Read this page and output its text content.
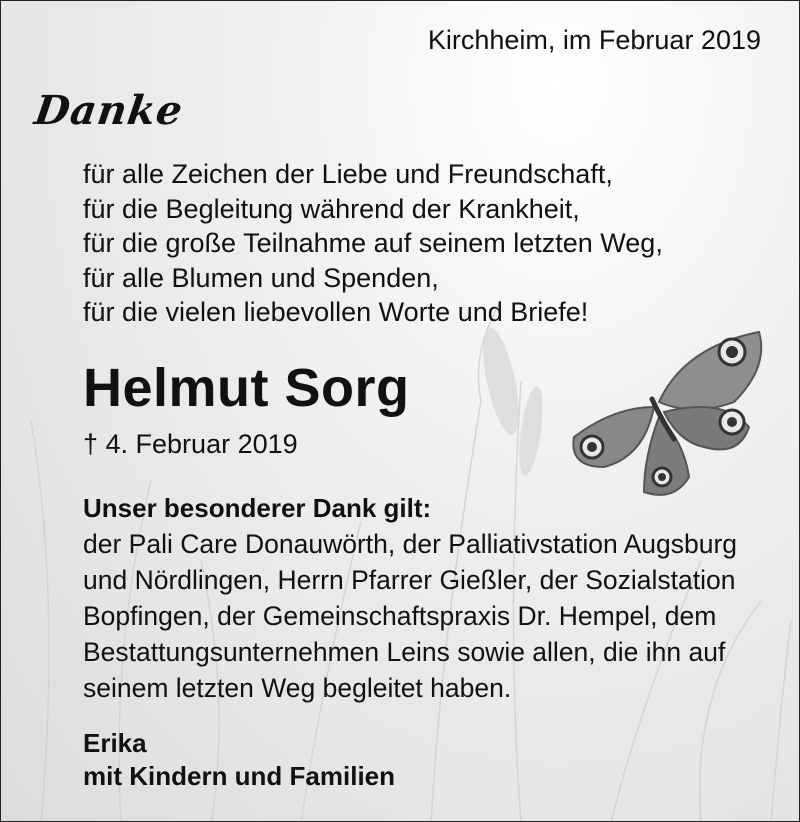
Kirchheim, im Februar 2019
Danke
für alle Zeichen der Liebe und Freundschaft,
für die Begleitung während der Krankheit,
für die große Teilnahme auf seinem letzten Weg,
für alle Blumen und Spenden,
für die vielen liebevollen Worte und Briefe!
Helmut Sorg
† 4. Februar 2019
Unser besonderer Dank gilt:
der Pali Care Donauwörth, der Palliativstation Augsburg und Nördlingen, Herrn Pfarrer Gießler, der Sozialstation Bopfingen, der Gemeinschaftspraxis Dr. Hempel, dem Bestattungsunternehmen Leins sowie allen, die ihn auf seinem letzten Weg begleitet haben.
Erika
mit Kindern und Familien
